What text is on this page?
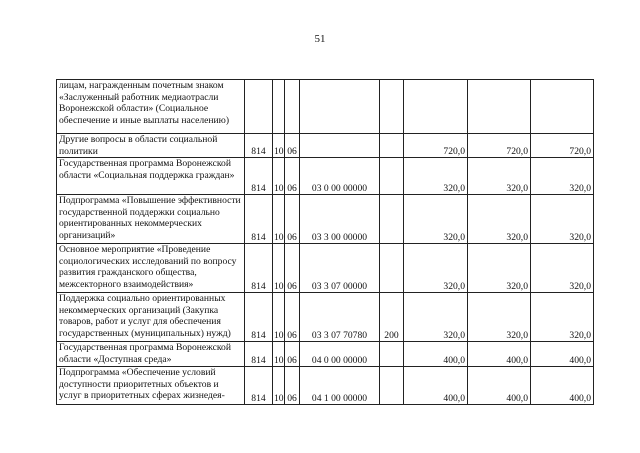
51
лицам, награжденным почетным знаком «Заслуженный работник медиаотрасли Воронежской области» (Социальное обеспечение и иные выплаты населению)								
Другие вопросы в области социальной политики	814	10	06			720,0	720,0	720,0
Государственная программа Воронежской области «Социальная поддержка граждан»	814	10	06	03 0 00 00000		320,0	320,0	320,0
Подпрограмма «Повышение эффективности государственной поддержки социально ориентированных некоммерческих организаций»	814	10	06	03 3 00 00000		320,0	320,0	320,0
Основное мероприятие «Проведение социологических исследований по вопросу развития гражданского общества, межсекторного взаимодействия»	814	10	06	03 3 07 00000		320,0	320,0	320,0
Поддержка социально ориентированных некоммерческих организаций (Закупка товаров, работ и услуг для обеспечения государственных (муниципальных) нужд)	814	10	06	03 3 07 70780	200	320,0	320,0	320,0
Государственная программа Воронежской области «Доступная среда»	814	10	06	04 0 00 00000		400,0	400,0	400,0
Подпрограмма «Обеспечение условий доступности приоритетных объектов и услуг в приоритетных сферах жизнедея-	814	10	06	04 1 00 00000		400,0	400,0	400,0
